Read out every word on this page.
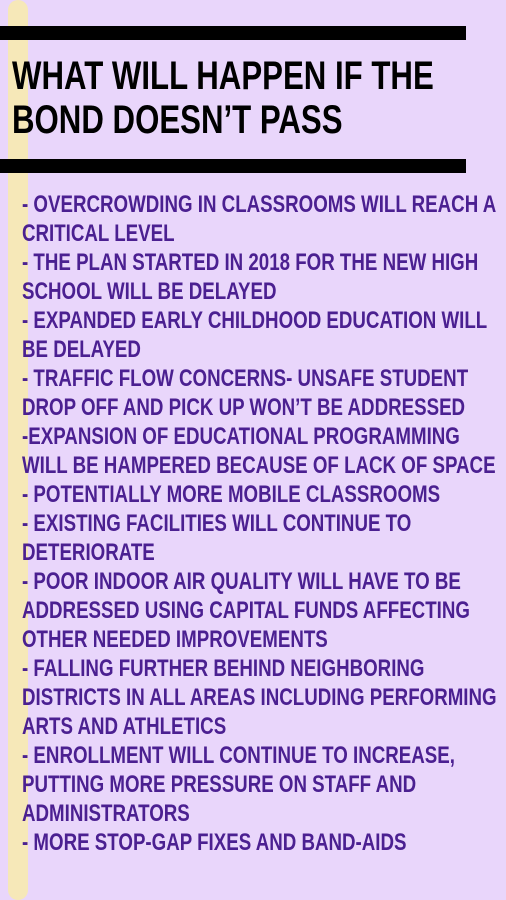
WHAT WILL HAPPEN IF THE
BOND DOESN’T PASS
- OVERCROWDING IN CLASSROOMS WILL REACH A
CRITICAL LEVEL
- THE PLAN STARTED IN 2018 FOR THE NEW HIGH
SCHOOL WILL BE DELAYED
- EXPANDED EARLY CHILDHOOD EDUCATION WILL
BE DELAYED
- TRAFFIC FLOW CONCERNS- UNSAFE STUDENT
DROP OFF AND PICK UP WON’T BE ADDRESSED
-EXPANSION OF EDUCATIONAL PROGRAMMING
WILL BE HAMPERED BECAUSE OF LACK OF SPACE
- POTENTIALLY MORE MOBILE CLASSROOMS
- EXISTING FACILITIES WILL CONTINUE TO
DETERIORATE
- POOR INDOOR AIR QUALITY WILL HAVE TO BE
ADDRESSED USING CAPITAL FUNDS AFFECTING
OTHER NEEDED IMPROVEMENTS
- FALLING FURTHER BEHIND NEIGHBORING
DISTRICTS IN ALL AREAS INCLUDING PERFORMING
ARTS AND ATHLETICS
- ENROLLMENT WILL CONTINUE TO INCREASE,
PUTTING MORE PRESSURE ON STAFF AND
ADMINISTRATORS
- MORE STOP-GAP FIXES AND BAND-AIDS
